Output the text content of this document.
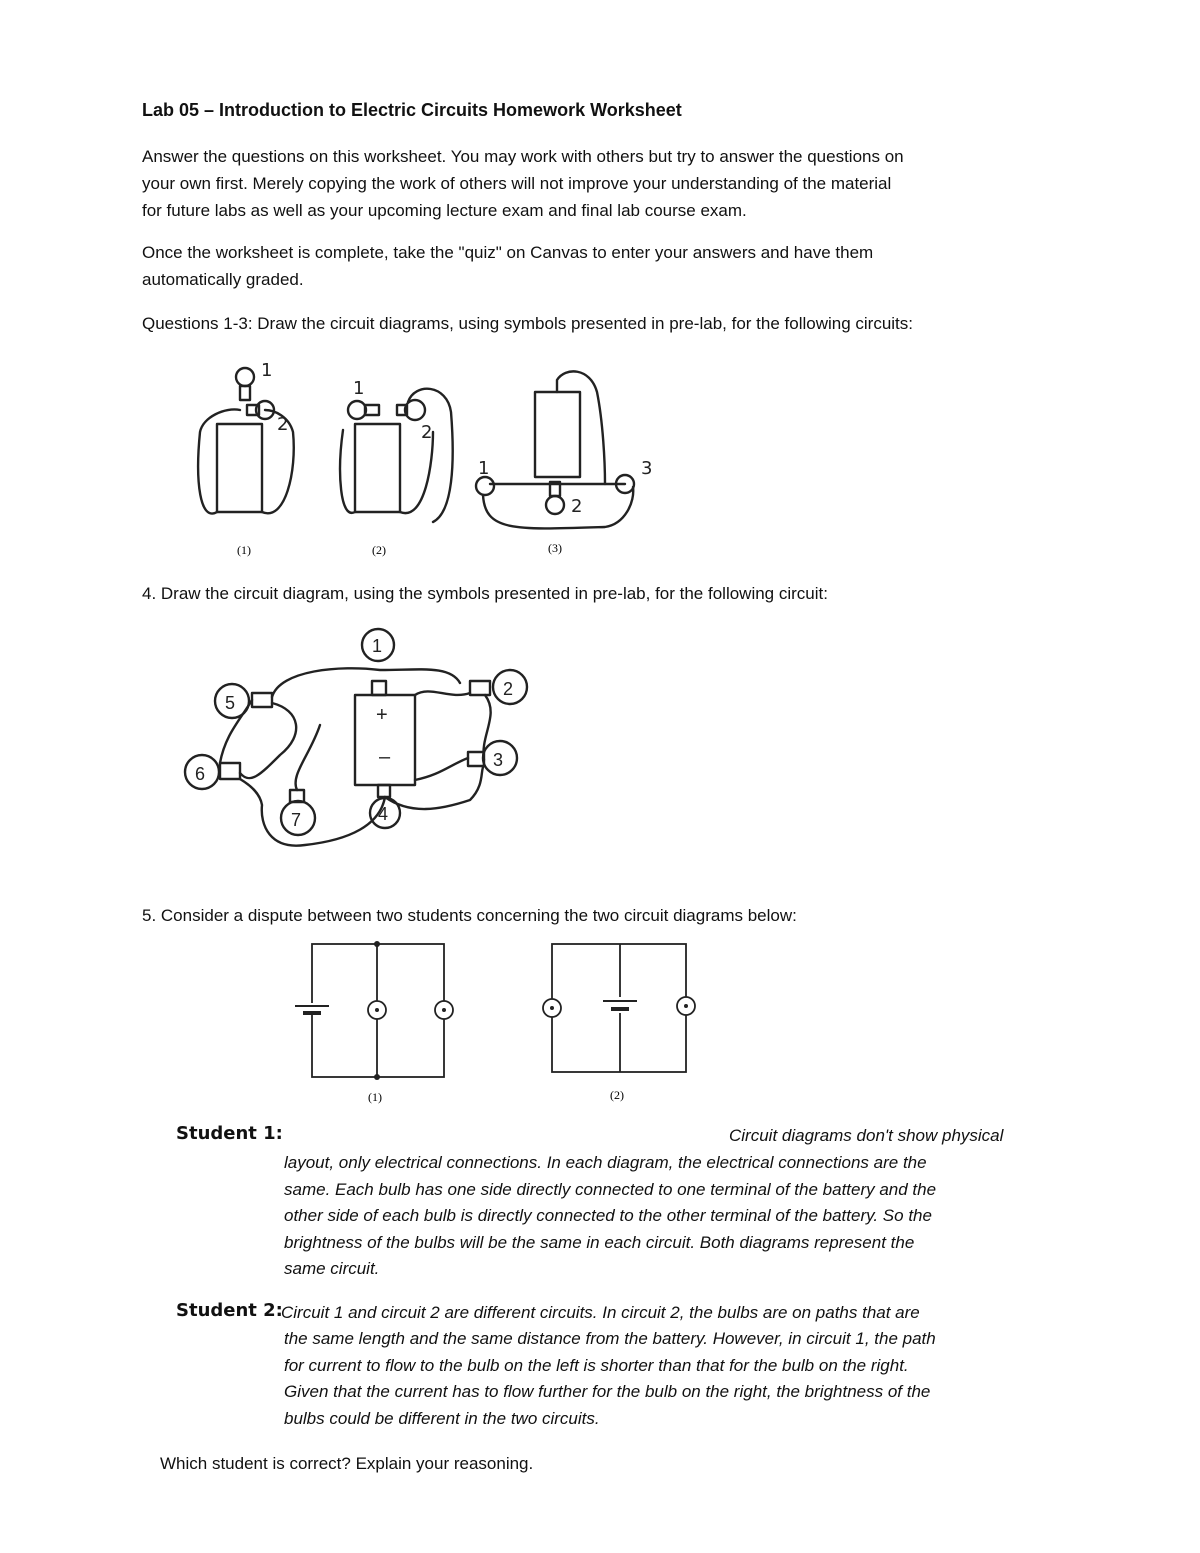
Lab 05 – Introduction to Electric Circuits Homework Worksheet
Answer the questions on this worksheet. You may work with others but try to answer the questions on
your own first. Merely copying the work of others will not improve your understanding of the material
for future labs as well as your upcoming lecture exam and final lab course exam.
Once the worksheet is complete, take the "quiz" on Canvas to enter your answers and have them
automatically graded.
Questions 1-3: Draw the circuit diagrams, using symbols presented in pre-lab, for the following circuits:
1
2
1
2
1
2
3
(1)	(2)	(3)
4. Draw the circuit diagram, using the symbols presented in pre-lab, for the following circuit:
+
–
1
2
3
4
5
6
7
5. Consider a dispute between two students concerning the two circuit diagrams below:
(1)	(2)
Student 1:	Circuit diagrams don't show physical
layout, only electrical connections. In each diagram, the electrical connections are the
same. Each bulb has one side directly connected to one terminal of the battery and the
other side of each bulb is directly connected to the other terminal of the battery. So the
brightness of the bulbs will be the same in each circuit. Both diagrams represent the
same circuit.
Student 2:
Circuit 1 and circuit 2 are different circuits. In circuit 2, the bulbs are on paths that are
the same length and the same distance from the battery. However, in circuit 1, the path
for current to flow to the bulb on the left is shorter than that for the bulb on the right.
Given that the current has to flow further for the bulb on the right, the brightness of the
bulbs could be different in the two circuits.
Which student is correct? Explain your reasoning.
